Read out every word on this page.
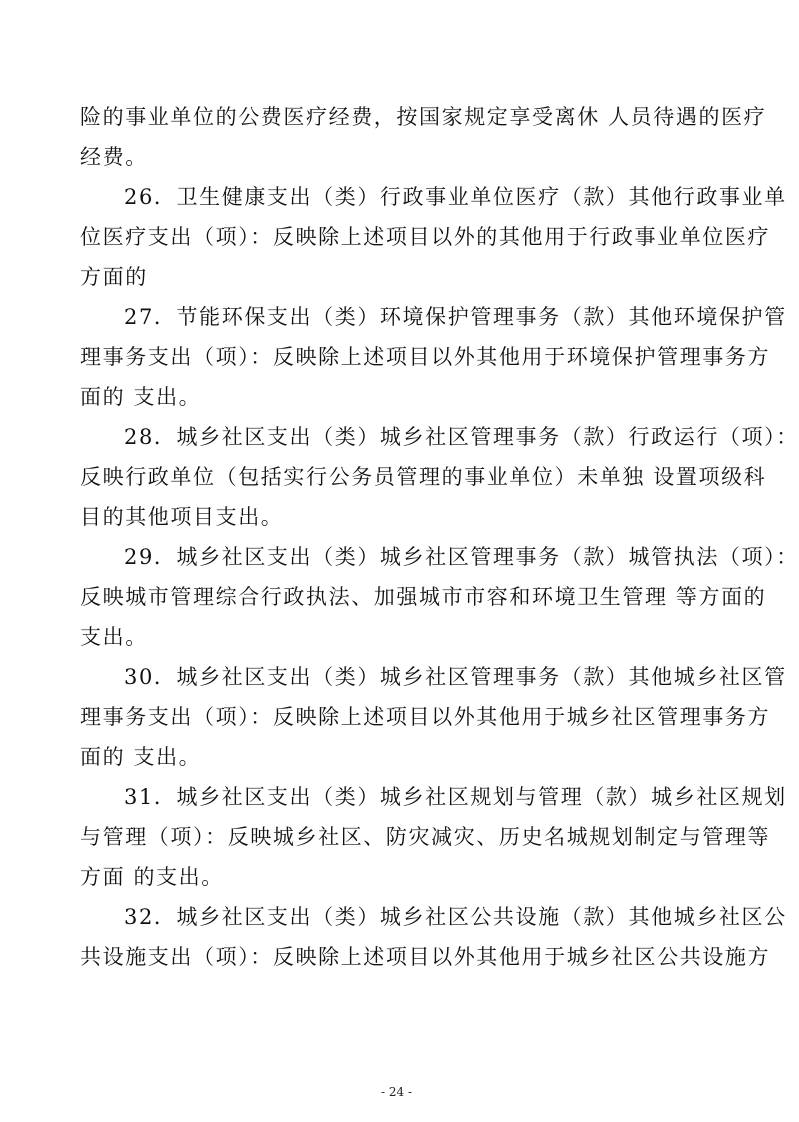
险的事业单位的公费医疗经费，按国家规定享受离休 人员待遇的医疗
经费。
26．卫生健康支出（类）行政事业单位医疗（款）其他行政事业单
位医疗支出（项）：反映除上述项目以外的其他用于行政事业单位医疗
方面的
27．节能环保支出（类）环境保护管理事务（款）其他环境保护管
理事务支出（项）：反映除上述项目以外其他用于环境保护管理事务方
面的 支出。
28．城乡社区支出（类）城乡社区管理事务（款）行政运行（项）：
反映行政单位（包括实行公务员管理的事业单位）未单独 设置项级科
目的其他项目支出。
29．城乡社区支出（类）城乡社区管理事务（款）城管执法（项）：
反映城市管理综合行政执法、加强城市市容和环境卫生管理 等方面的
支出。
30．城乡社区支出（类）城乡社区管理事务（款）其他城乡社区管
理事务支出（项）：反映除上述项目以外其他用于城乡社区管理事务方
面的 支出。
31．城乡社区支出（类）城乡社区规划与管理（款）城乡社区规划
与管理（项）：反映城乡社区、防灾减灾、历史名城规划制定与管理等
方面 的支出。
32．城乡社区支出（类）城乡社区公共设施（款）其他城乡社区公
共设施支出（项）：反映除上述项目以外其他用于城乡社区公共设施方
- 24 -
